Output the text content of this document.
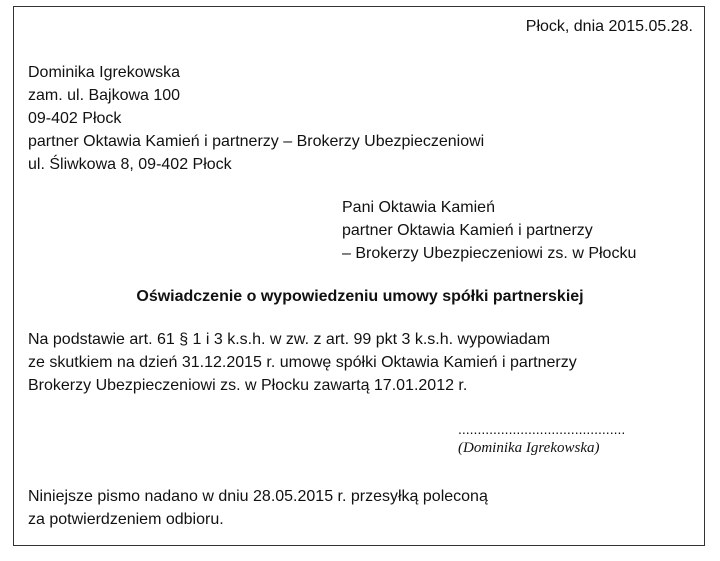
Płock, dnia 2015.05.28.
Dominika Igrekowska
zam. ul. Bajkowa 100
09-402 Płock
partner Oktawia Kamień i partnerzy – Brokerzy Ubezpieczeniowi
ul. Śliwkowa 8, 09-402 Płock
Pani Oktawia Kamień
partner Oktawia Kamień i partnerzy
– Brokerzy Ubezpieczeniowi zs. w Płocku
Oświadczenie o wypowiedzeniu umowy spółki partnerskiej
Na podstawie art. 61 § 1 i 3 k.s.h. w zw. z art. 99 pkt 3 k.s.h. wypowiadam
ze skutkiem na dzień 31.12.2015 r. umowę spółki Oktawia Kamień i partnerzy
Brokerzy Ubezpieczeniowi zs. w Płocku zawartą 17.01.2012 r.
...........................................
(Dominika Igrekowska)
Niniejsze pismo nadano w dniu 28.05.2015 r. przesyłką poleconą
za potwierdzeniem odbioru.
